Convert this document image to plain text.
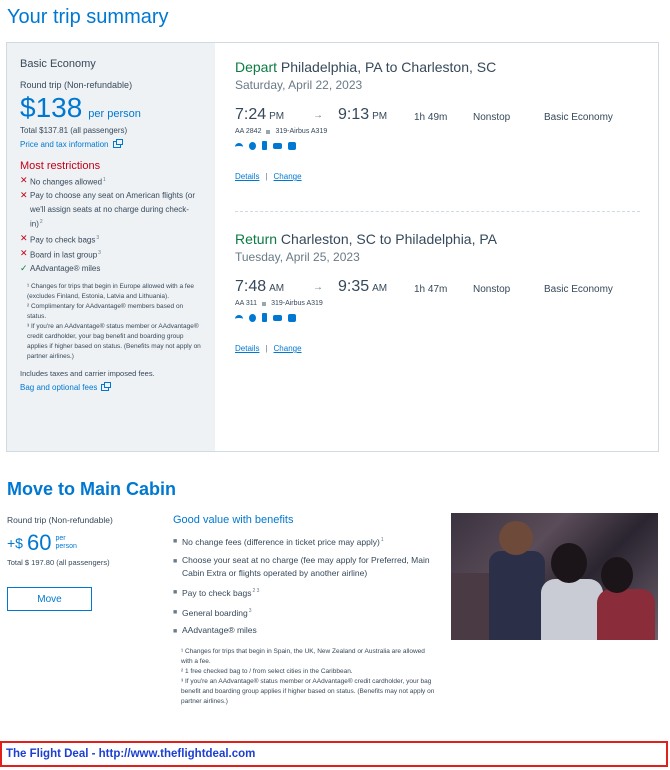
Your trip summary
Basic Economy
Round trip (Non-refundable)
$138 per person
Total $137.81 (all passengers)
Price and tax information
Most restrictions
✕ No changes allowed$^1$
✕ Pay to choose any seat on American flights (or we'll assign seats at no charge during check-in)$^2$
✕ Pay to check bags$^3$
✕ Board in last group$^3$
✓ AAdvantage® miles

¹ Changes for trips that begin in Europe allowed with a fee (excludes Finland, Estonia, Latvia and Lithuania).

² Complimentary for AAdvantage® members based on status.

³ If you're an AAdvantage® status member or AAdvantage® credit cardholder, your bag benefit and boarding group applies if higher based on status. (Benefits may not apply on partner airlines.)

Includes taxes and carrier imposed fees.
Bag and optional fees
Depart Philadelphia, PA to Charleston, SC
Saturday, April 22, 2023
7:24 PM	→ 9:13 PM	1h 49m	Nonstop	Basic Economy
AA 2842 319-Airbus A319
Details | Change
Return Charleston, SC to Philadelphia, PA
Tuesday, April 25, 2023
7:48 AM	→ 9:35 AM	1h 47m	Nonstop	Basic Economy
AA 311 319-Airbus A319
Details | Change
Move to Main Cabin
Round trip (Non-refundable)
+$ 60 per person
Total $ 197.80 (all passengers)
Move
Good value with benefits
■ No change fees (difference in ticket price may apply)$^1$
■ Choose your seat at no charge (fee may apply for Preferred, Main Cabin Extra or flights operated by another airline)
■ Pay to check bags$^{2 3}$
■ General boarding$^3$
■ AAdvantage® miles

¹ Changes for trips that begin in Spain, the UK, New Zealand or Australia are allowed with a fee.

² 1 free checked bag to / from select cities in the Caribbean.

³ If you're an AAdvantage® status member or AAdvantage® credit cardholder, your bag benefit and boarding group applies if higher based on status. (Benefits may not apply on partner airlines.)

The Flight Deal - http://www.theflightdeal.com
